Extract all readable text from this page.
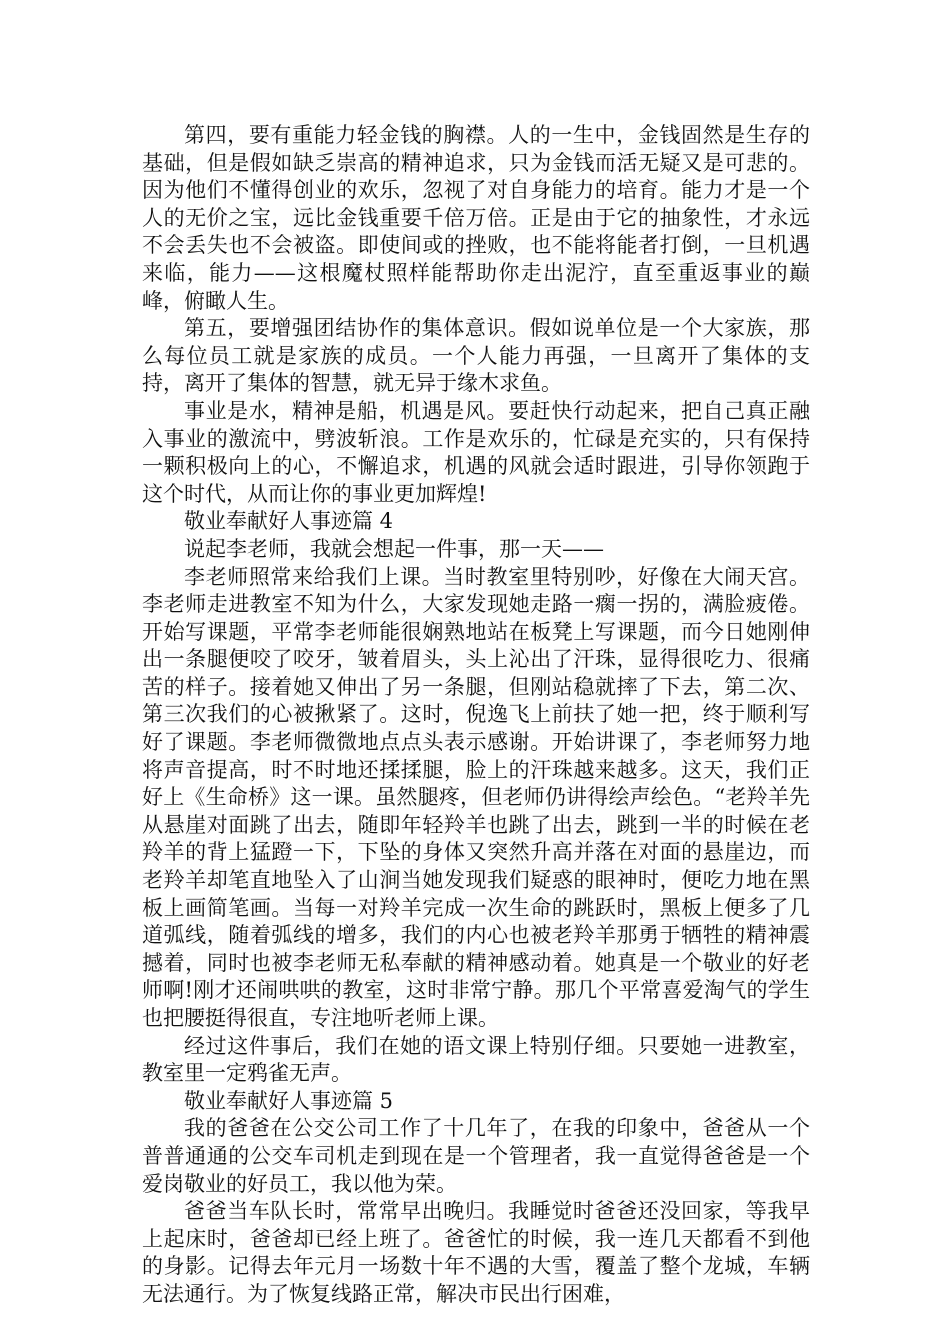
第四，要有重能力轻金钱的胸襟。人的一生中，金钱固然是生存的基础，但是假如缺乏崇高的精神追求，只为金钱而活无疑又是可悲的。因为他们不懂得创业的欢乐，忽视了对自身能力的培育。能力才是一个人的无价之宝，远比金钱重要千倍万倍。正是由于它的抽象性，才永远不会丢失也不会被盗。即使间或的挫败，也不能将能者打倒，一旦机遇来临，能力——这根魔杖照样能帮助你走出泥泞，直至重返事业的巅峰，俯瞰人生。

第五，要增强团结协作的集体意识。假如说单位是一个大家族，那么每位员工就是家族的成员。一个人能力再强，一旦离开了集体的支持，离开了集体的智慧，就无异于缘木求鱼。

事业是水，精神是船，机遇是风。要赶快行动起来，把自己真正融入事业的激流中，劈波斩浪。工作是欢乐的，忙碌是充实的，只有保持一颗积极向上的心，不懈追求，机遇的风就会适时跟进，引导你领跑于这个时代，从而让你的事业更加辉煌!

敬业奉献好人事迹篇 4

说起李老师，我就会想起一件事，那一天——

李老师照常来给我们上课。当时教室里特别吵，好像在大闹天宫。李老师走进教室不知为什么，大家发现她走路一瘸一拐的，满脸疲倦。开始写课题，平常李老师能很娴熟地站在板凳上写课题，而今日她刚伸出一条腿便咬了咬牙，皱着眉头，头上沁出了汗珠，显得很吃力、很痛苦的样子。接着她又伸出了另一条腿，但刚站稳就摔了下去，第二次、第三次我们的心被揪紧了。这时，倪逸飞上前扶了她一把，终于顺利写好了课题。李老师微微地点点头表示感谢。开始讲课了，李老师努力地将声音提高，时不时地还揉揉腿，脸上的汗珠越来越多。这天，我们正好上《生命桥》这一课。虽然腿疼，但老师仍讲得绘声绘色。“老羚羊先从悬崖对面跳了出去，随即年轻羚羊也跳了出去，跳到一半的时候在老羚羊的背上猛蹬一下，下坠的身体又突然升高并落在对面的悬崖边，而老羚羊却笔直地坠入了山涧当她发现我们疑惑的眼神时，便吃力地在黑板上画简笔画。当每一对羚羊完成一次生命的跳跃时，黑板上便多了几道弧线，随着弧线的增多，我们的内心也被老羚羊那勇于牺牲的精神震撼着，同时也被李老师无私奉献的精神感动着。她真是一个敬业的好老师啊!刚才还闹哄哄的教室，这时非常宁静。那几个平常喜爱淘气的学生也把腰挺得很直，专注地听老师上课。

经过这件事后，我们在她的语文课上特别仔细。只要她一进教室，教室里一定鸦雀无声。

敬业奉献好人事迹篇 5

我的爸爸在公交公司工作了十几年了，在我的印象中，爸爸从一个普普通通的公交车司机走到现在是一个管理者，我一直觉得爸爸是一个爱岗敬业的好员工，我以他为荣。

爸爸当车队长时，常常早出晚归。我睡觉时爸爸还没回家，等我早上起床时，爸爸却已经上班了。爸爸忙的时候，我一连几天都看不到他的身影。记得去年元月一场数十年不遇的大雪，覆盖了整个龙城，车辆无法通行。为了恢复线路正常，解决市民出行困难，
